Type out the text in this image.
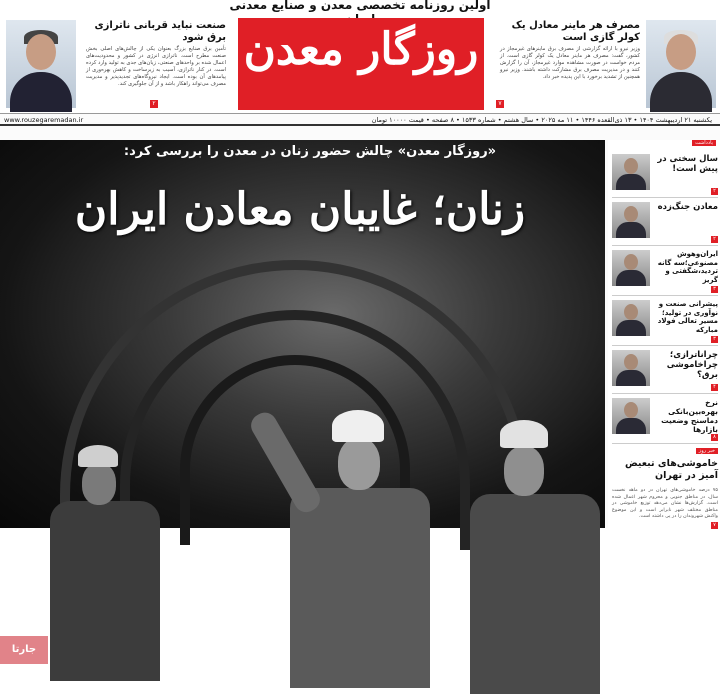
اولین روزنامه تخصصی معدن و صنایع معدنی
صنعت نباید قربانی ناترازی برق شود
تأمین برق صنایع بزرگ بعنوان یکی از چالش‌های اصلی بخش صنعت مطرح است. ناترازی انرژی در کشور و محدودیت‌های اعمال شده بر واحدهای صنعتی، زیان‌های جدی به تولید وارد کرده است. در کنار ناترازی، آسیب به زیرساخت و کاهش بهره‌وری از پیامدهای آن بوده است. ایجاد نیروگاه‌های تجدیدپذیر و مدیریت مصرف می‌تواند راهکار باشد و از آن جلوگیری کند.
۲
روزگار معدن	مصرف هر ماینر معادل یک کولر گازی است
وزیر نیرو با ارائه گزارشی از مصرف برق ماینرهای غیرمجاز در کشور، گفت: مصرف هر ماینر معادل یک کولر گازی است. از مردم خواست در صورت مشاهده موارد غیرمجاز، آن را گزارش کنند و در مدیریت مصرف برق مشارکت داشته باشند. وزیر نیرو همچنین از تشدید برخورد با این پدیده خبر داد.
۷
یکشنبه ۲۱ اردیبهشت ۱۴۰۴ • ۱۳ ذی‌القعده ۱۴۴۶ • ۱۱ مه ۲۰۲۵ • سال هشتم • شماره ۱۵۳۳ • ۸ صفحه • قیمت ۱۰۰۰۰ تومان
www.rouzegaremadan.ir
«روزگار معدن» چالش حضور زنان در معدن را بررسی کرد:
زنان؛ غایبان معادن ایران
جارتا
یادداشت
سال سختی در پیش است!
۲
معادن جنگ‌زده
۲
ایران‌وهوش مصنوعی؛سه گانه تردید،شگفتی و گریز
۳
پیشرانی صنعت و نوآوری در تولید؛ مسیر تعالی فولاد مبارکه
۳
چراناترازی؛ چراخاموشی برق؟
۴
نرخ بهره‌بین‌بانکی دماسنج وضعیت بازارها
۸
خبر روز
خاموشی‌های تبعیض آمیز در تهران
۷۵ درصد خاموشی‌های تهران در دو ماهه نخست سال، در مناطق جنوبی و محروم شهر اعمال شده است. گزارش‌ها نشان می‌دهد توزیع خاموشی در مناطق مختلف شهر نابرابر است و این موضوع واکنش شهروندان را در پی داشته است.
۷
